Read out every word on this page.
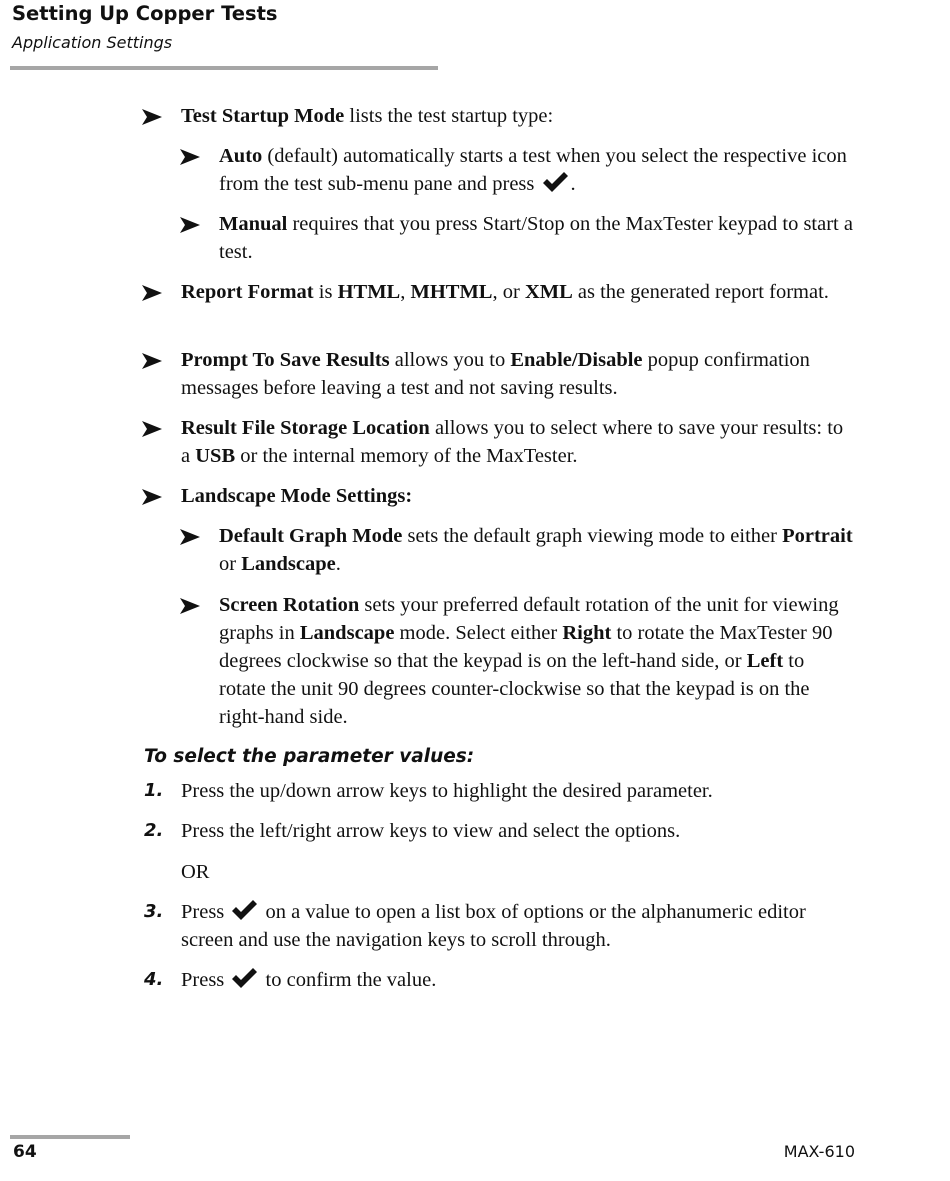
Setting Up Copper Tests

Application Settings

Test Startup Mode lists the test startup type:
Auto (default) automatically starts a test when you select the respective icon from the test sub-menu pane and press .
Manual requires that you press Start/Stop on the MaxTester keypad to start a test.
Report Format is HTML, MHTML, or XML as the generated report format.
Prompt To Save Results allows you to Enable/Disable popup confirmation messages before leaving a test and not saving results.
Result File Storage Location allows you to select where to save your results: to a USB or the internal memory of the MaxTester.
Landscape Mode Settings:
Default Graph Mode sets the default graph viewing mode to either Portrait or Landscape.
Screen Rotation sets your preferred default rotation of the unit for viewing graphs in Landscape mode. Select either Right to rotate the MaxTester 90 degrees clockwise so that the keypad is on the left-hand side, or Left to rotate the unit 90 degrees counter-clockwise so that the keypad is on the right-hand side.
To select the parameter values:
1. Press the up/down arrow keys to highlight the desired parameter.
2. Press the left/right arrow keys to view and select the options.
OR
3. Press  on a value to open a list box of options or the alphanumeric editor screen and use the navigation keys to scroll through.
4. Press  to confirm the value.
64	MAX-610
